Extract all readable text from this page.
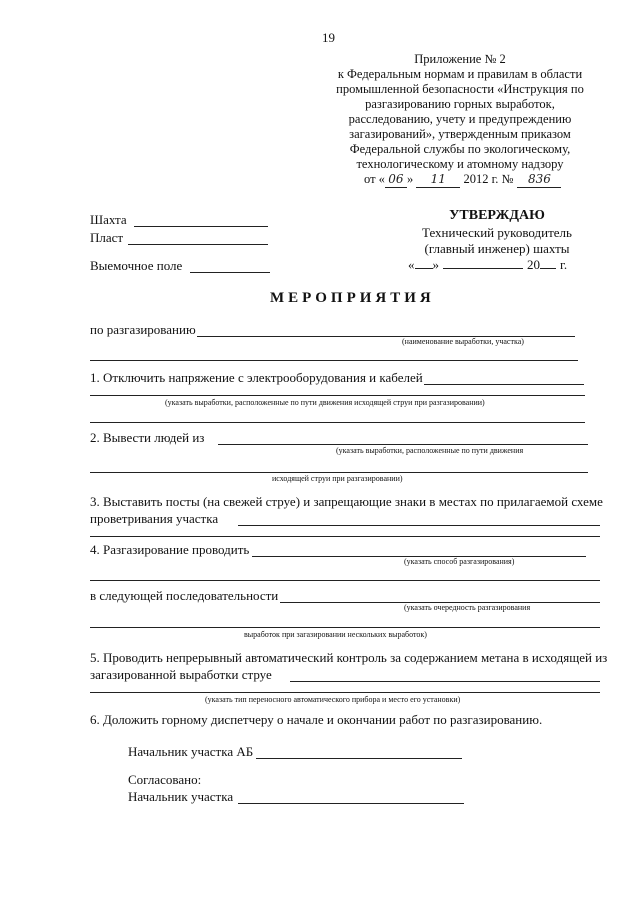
19
Приложение № 2
к Федеральным нормам и правилам в области
промышленной безопасности «Инструкция по
разгазированию горных выработок,
расследованию, учету и предупреждению
загазирований», утвержденным приказом
Федеральной службы по экологическому,
технологическому и атомному надзору
от « 06 » 11 2012 г. № 836
Шахта
Пласт
Выемочное поле
УТВЕРЖДАЮ
Технический руководитель
(главный инженер) шахты
« »	20 г.
МЕРОПРИЯТИЯ
по разгазированию
(наименование выработки, участка)
1. Отключить напряжение с электрооборудования и кабелей
(указать выработки, расположенные по пути движения исходящей струи при разгазировании)
2. Вывести людей из
(указать выработки, расположенные по пути движения
исходящей струи при разгазировании)
3. Выставить посты (на свежей струе) и запрещающие знаки в местах по прилагаемой схеме
проветривания участка
4. Разгазирование проводить
(указать способ разгазирования)
в следующей последовательности
(указать очередность разгазирования
выработок при загазировании нескольких выработок)
5. Проводить непрерывный автоматический контроль за содержанием метана в исходящей из
загазированной выработки струе
(указать тип переносного автоматического прибора и место его установки)
6. Доложить горному диспетчеру о начале и окончании работ по разгазированию.
Начальник участка АБ
Согласовано:
Начальник участка
